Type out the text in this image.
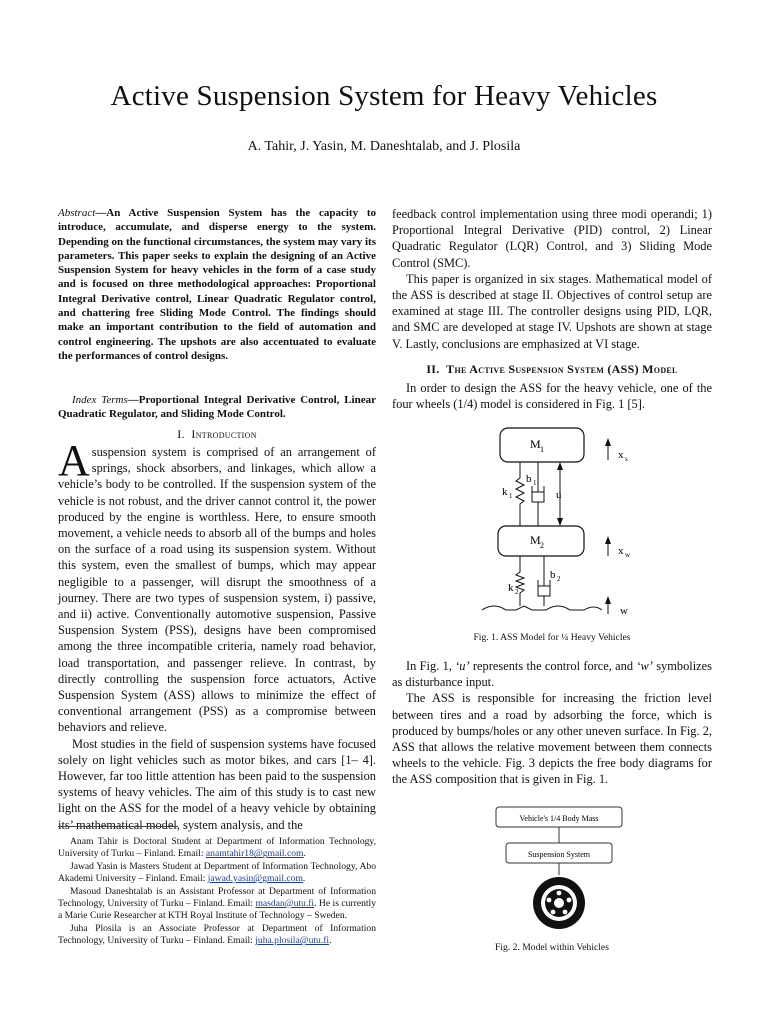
Active Suspension System for Heavy Vehicles
A. Tahir, J. Yasin, M. Daneshtalab, and J. Plosila
Abstract—An Active Suspension System has the capacity to introduce, accumulate, and disperse energy to the system. Depending on the functional circumstances, the system may vary its parameters. This paper seeks to explain the designing of an Active Suspension System for heavy vehicles in the form of a case study and is focused on three methodological approaches: Proportional Integral Derivative control, Linear Quadratic Regulator control, and chattering free Sliding Mode Control. The findings should make an important contribution to the field of automation and control engineering. The upshots are also accentuated to evaluate the performances of control designs.
Index Terms—Proportional Integral Derivative Control, Linear Quadratic Regulator, and Sliding Mode Control.
I. Introduction

Asuspension system is comprised of an arrangement of springs, shock absorbers, and linkages, which allow a vehicle’s body to be controlled. If the suspension system of the vehicle is not robust, and the driver cannot control it, the power produced by the engine is worthless. Here, to ensure smooth movement, a vehicle needs to absorb all of the bumps and holes on the surface of a road using its suspension system. Without this system, even the smallest of bumps, which may appear negligible to a passenger, will disrupt the smoothness of a journey. There are two types of suspension system, i) passive, and ii) active. Conventionally automotive suspension, Passive Suspension System (PSS), designs have been compromised among the three incompatible criteria, namely road behavior, load transportation, and passenger relieve. In contrast, by directly controlling the suspension force actuators, Active Suspension System (ASS) allows to minimize the effect of conventional arrangement (PSS) as a compromise between behaviors and relieve.

Most studies in the field of suspension systems have focused solely on light vehicles such as motor bikes, and cars [1– 4]. However, far too little attention has been paid to the suspension systems of heavy vehicles. The aim of this study is to cast new light on the ASS for the model of a heavy vehicle by obtaining its’ mathematical model, system analysis, and the

Anam Tahir is Doctoral Student at Department of Information Technology, University of Turku – Finland. Email: anamtahir18@gmail.com.

Jawad Yasin is Masters Student at Department of Information Technology, Abo Akademi University – Finland. Email: jawad.yasin@gmail.com.

Masoud Daneshtalab is an Assistant Professor at Department of Information Technology, University of Turku – Finland. Email: masdan@utu.fi. He is currently a Marie Curie Researcher at KTH Royal Institute of Technology – Sweden.

Juha Plosila is an Associate Professor at Department of Information Technology, University of Turku – Finland. Email: juha.plosila@utu.fi.

feedback control implementation using three modi operandi; 1) Proportional Integral Derivative (PID) control, 2) Linear Quadratic Regulator (LQR) Control, and 3) Sliding Mode Control (SMC).

This paper is organized in six stages. Mathematical model of the ASS is described at stage II. Objectives of control setup are examined at stage III. The controller designs using PID, LQR, and SMC are developed at stage IV. Upshots are shown at stage V. Lastly, conclusions are emphasized at VI stage.

II. The Active Suspension System (ASS) Model

In order to design the ASS for the heavy vehicle, one of the four wheels (1/4) model is considered in Fig. 1 [5].

M 1
k 1
b 1
u
M 2
k 2
b 2
x s
x w
w
Fig. 1. ASS Model for ¼ Heavy Vehicles

In Fig. 1, ‘u’ represents the control force, and ‘w’ symbolizes as disturbance input.

The ASS is responsible for increasing the friction level between tires and a road by adsorbing the force, which is produced by bumps/holes or any other uneven surface. In Fig. 2, ASS that allows the relative movement between them connects wheels to the vehicle. Fig. 3 depicts the free body diagrams for the ASS composition that is given in Fig. 1.

Vehicle's 1/4 Body Mass
Suspension System
Fig. 2. Model within Vehicles
